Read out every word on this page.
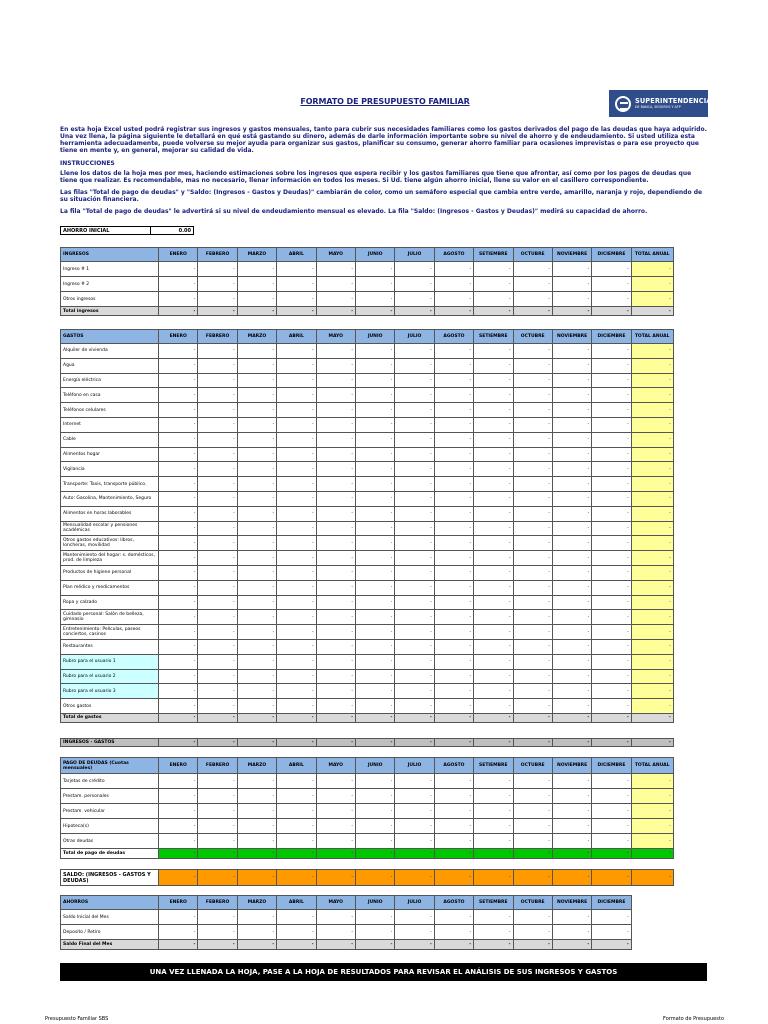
FORMATO DE PRESUPUESTO FAMILIAR	SUPERINTENDENCIA
DE BANCA, SEGUROS Y AFP

En esta hoja Excel usted podrá registrar sus ingresos y gastos mensuales, tanto para cubrir sus necesidades familiares como los gastos derivados del pago de las deudas que haya adquirido. Una vez llena, la página siguiente le detallará en qué está gastando su dinero, además de darle información importante sobre su nivel de ahorro y de endeudamiento. Si usted utiliza esta herramienta adecuadamente, puede volverse su mejor ayuda para organizar sus gastos, planificar su consumo, generar ahorro familiar para ocasiones imprevistas o para ese proyecto que tiene en mente y, en general, mejorar su calidad de vida.

INSTRUCCIONES

Llene los datos de la hoja mes por mes, haciendo estimaciones sobre los ingresos que espera recibir y los gastos familiares que tiene que afrontar, así como por los pagos de deudas que tiene que realizar. Es recomendable, mas no necesario, llenar información en todos los meses. Si Ud. tiene algún ahorro inicial, llene su valor en el casillero correspondiente.

Las filas "Total de pago de deudas" y "Saldo: (Ingresos - Gastos y Deudas)" cambiarán de color, como un semáforo especial que cambia entre verde, amarillo, naranja y rojo, dependiendo de su situación financiera.

La fila "Total de pago de deudas" le advertirá si su nivel de endeudamiento mensual es elevado. La fila "Saldo: (Ingresos - Gastos y Deudas)" medirá su capacidad de ahorro.

AHORRO INICIAL	0.00
INGRESOS	ENERO	FEBRERO	MARZO	ABRIL	MAYO	JUNIO	JULIO	AGOSTO	SETIEMBRE	OCTUBRE	NOVIEMBRE	DICIEMBRE	TOTAL ANUAL
Ingreso # 1	-	-	-	-	-	-	-	-	-	-	-	-	-
Ingreso # 2	-	-	-	-	-	-	-	-	-	-	-	-	-
Otros ingresos	-	-	-	-	-	-	-	-	-	-	-	-	-
Total ingresos	-	-	-	-	-	-	-	-	-	-	-	-	-
GASTOS	ENERO	FEBRERO	MARZO	ABRIL	MAYO	JUNIO	JULIO	AGOSTO	SETIEMBRE	OCTUBRE	NOVIEMBRE	DICIEMBRE	TOTAL ANUAL
Alquiler de vivienda	-	-	-	-	-	-	-	-	-	-	-	-	-
Agua	-	-	-	-	-	-	-	-	-	-	-	-	-
Energía eléctrica	-	-	-	-	-	-	-	-	-	-	-	-	-
Teléfono en casa	-	-	-	-	-	-	-	-	-	-	-	-	-
Teléfonos celulares	-	-	-	-	-	-	-	-	-	-	-	-	-
Internet	-	-	-	-	-	-	-	-	-	-	-	-	-
Cable	-	-	-	-	-	-	-	-	-	-	-	-	-
Alimentos hogar	-	-	-	-	-	-	-	-	-	-	-	-	-
Vigilancia	-	-	-	-	-	-	-	-	-	-	-	-	-
Transporte: Taxis, transporte público.	-	-	-	-	-	-	-	-	-	-	-	-	-
Auto: Gasolina, Mantenimiento, Seguro	-	-	-	-	-	-	-	-	-	-	-	-	-
Alimentos en horas laborables	-	-	-	-	-	-	-	-	-	-	-	-	-
Mensualidad escolar y pensiones académicas	-	-	-	-	-	-	-	-	-	-	-	-	-
Otros gastos educativos: libros, loncheras, movilidad	-	-	-	-	-	-	-	-	-	-	-	-	-
Mantenimiento del hogar: s. domésticos, prod. de limpieza	-	-	-	-	-	-	-	-	-	-	-	-	-
Productos de higiene personal	-	-	-	-	-	-	-	-	-	-	-	-	-
Plan médico y medicamentos	-	-	-	-	-	-	-	-	-	-	-	-	-
Ropa y calzado	-	-	-	-	-	-	-	-	-	-	-	-	-
Cuidado personal: Salón de belleza, gimnasio	-	-	-	-	-	-	-	-	-	-	-	-	-
Entretenimiento: Películas, paseos conciertos, casinos	-	-	-	-	-	-	-	-	-	-	-	-	-
Restaurantes	-	-	-	-	-	-	-	-	-	-	-	-	-
Rubro para el usuario 1	-	-	-	-	-	-	-	-	-	-	-	-	-
Rubro para el usuario 2	-	-	-	-	-	-	-	-	-	-	-	-	-
Rubro para el usuario 3	-	-	-	-	-	-	-	-	-	-	-	-	-
Otros gastos	-	-	-	-	-	-	-	-	-	-	-	-	-
Total de gastos	-	-	-	-	-	-	-	-	-	-	-	-	-
INGRESOS - GASTOS	-	-	-	-	-	-	-	-	-	-	-	-	-
PAGO DE DEUDAS (Cuotas mensuales)	ENERO	FEBRERO	MARZO	ABRIL	MAYO	JUNIO	JULIO	AGOSTO	SETIEMBRE	OCTUBRE	NOVIEMBRE	DICIEMBRE	TOTAL ANUAL
Tarjetas de crédito	-	-	-	-	-	-	-	-	-	-	-	-	-
Prestam. personales	-	-	-	-	-	-	-	-	-	-	-	-	-
Prestam. vehicular	-	-	-	-	-	-	-	-	-	-	-	-	-
Hipoteca(s)	-	-	-	-	-	-	-	-	-	-	-	-	-
Otras deudas	-	-	-	-	-	-	-	-	-	-	-	-	-
Total de pago de deudas	-	-	-	-	-	-	-	-	-	-	-	-	-
SALDO: (INGRESOS - GASTOS Y DEUDAS)	-	-	-	-	-	-	-	-	-	-	-	-	-
AHORROS	ENERO	FEBRERO	MARZO	ABRIL	MAYO	JUNIO	JULIO	AGOSTO	SETIEMBRE	OCTUBRE	NOVIEMBRE	DICIEMBRE
Saldo Inicial del Mes	-	-	-	-	-	-	-	-	-	-	-	-
Deposito / Retiro	-	-	-	-	-	-	-	-	-	-	-	-
Saldo Final del Mes	-	-	-	-	-	-	-	-	-	-	-	-
UNA VEZ LLENADA LA HOJA, PASE A LA HOJA DE RESULTADOS PARA REVISAR EL ANÁLISIS DE SUS INGRESOS Y GASTOS
Presupuesto Familiar SBS	Formato de Presupuesto
